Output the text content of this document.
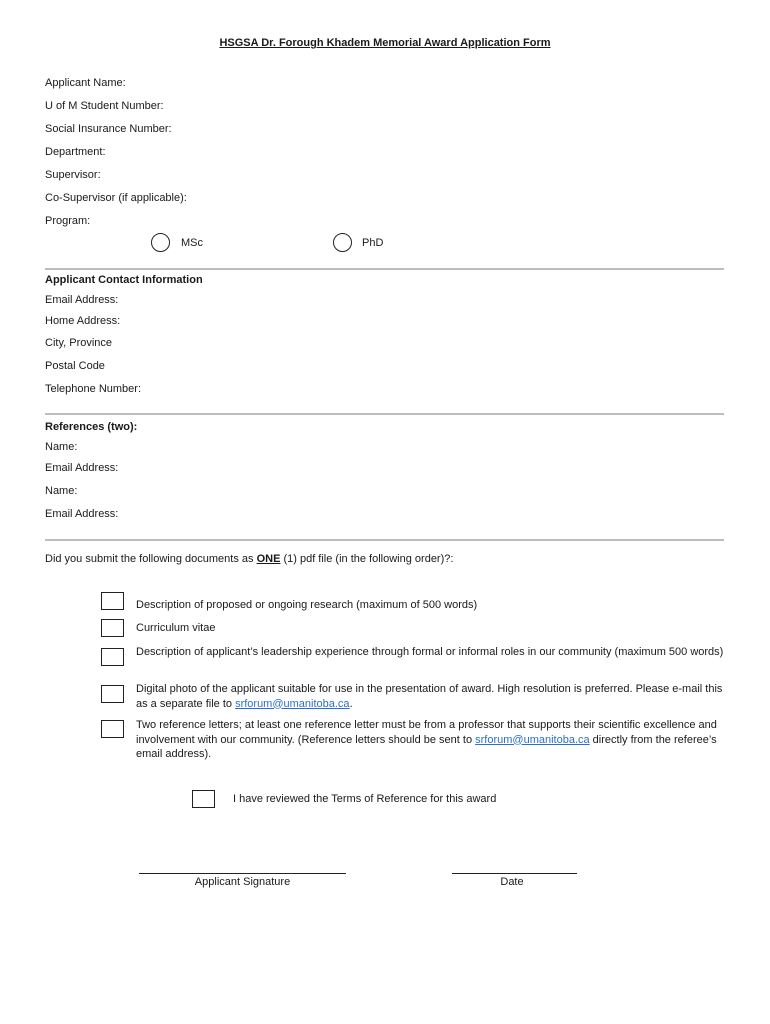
HSGSA Dr. Forough Khadem Memorial Award Application Form
Applicant Name:
U of M Student Number:
Social Insurance Number:
Department:
Supervisor:
Co-Supervisor (if applicable):
Program:
MSc	PhD
Applicant Contact Information
Email Address:
Home Address:
City, Province
Postal Code
Telephone Number:
References (two):
Name:
Email Address:
Name:
Email Address:
Did you submit the following documents as ONE (1) pdf file (in the following order)?:
Description of proposed or ongoing research (maximum of 500 words)
Curriculum vitae
Description of applicant’s leadership experience through formal or informal roles in our community (maximum 500 words)
Digital photo of the applicant suitable for use in the presentation of award. High resolution is preferred. Please e-mail this as a separate file to srforum@umanitoba.ca.
Two reference letters; at least one reference letter must be from a professor that supports their scientific excellence and involvement with our community. (Reference letters should be sent to srforum@umanitoba.ca directly from the referee’s email address).
I have reviewed the Terms of Reference for this award
Applicant Signature	Date
